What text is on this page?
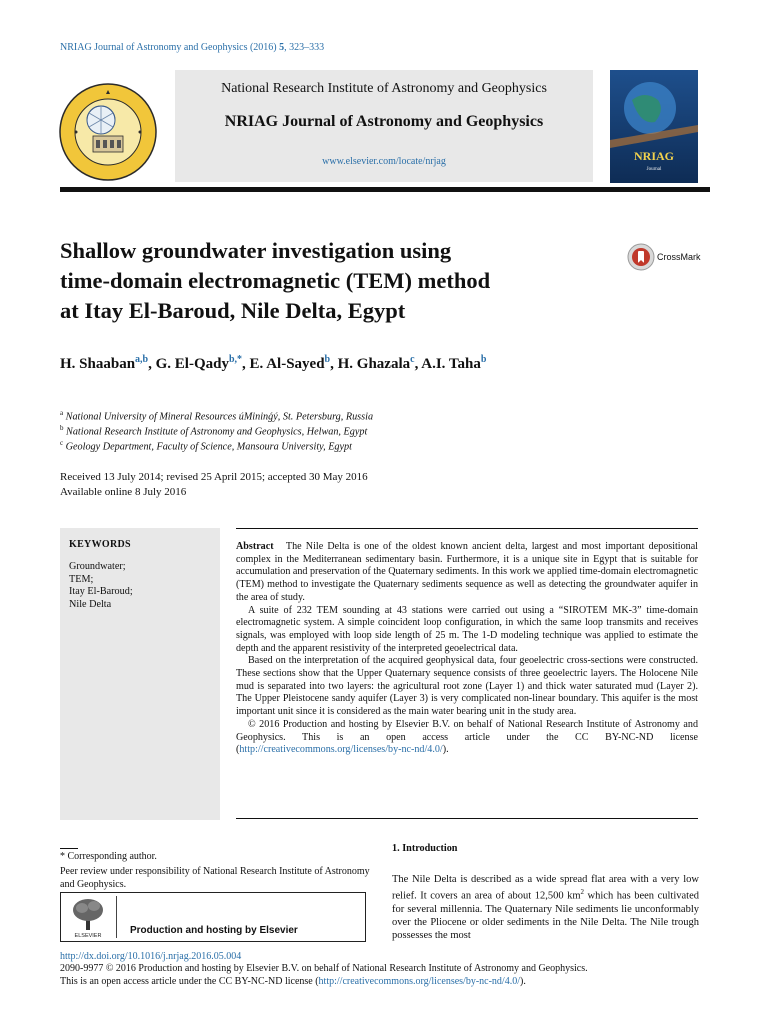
NRIAG Journal of Astronomy and Geophysics (2016) 5, 323–333
National Research Institute of Astronomy and Geophysics
NRIAG Journal of Astronomy and Geophysics
www.elsevier.com/locate/nrjag	NRIAG
Journal
Shallow groundwater investigation using
time-domain electromagnetic (TEM) method
at Itay El-Baroud, Nile Delta, Egypt
CrossMark
H. Shaaban$^{a,b}$, G. El-Qady$^{b,*}$, E. Al-Sayed$^b$, H. Ghazala$^c$, A.I. Taha$^b$
$^a$ National University of Mineral Resources úMininǵý, St. Petersburg, Russia
$^b$ National Research Institute of Astronomy and Geophysics, Helwan, Egypt
$^c$ Geology Department, Faculty of Science, Mansoura University, Egypt
Received 13 July 2014; revised 25 April 2015; accepted 30 May 2016
Available online 8 July 2016
KEYWORDS
Groundwater;
TEM;
Itay El-Baroud;
Nile Delta

Abstract The Nile Delta is one of the oldest known ancient delta, largest and most important depositional complex in the Mediterranean sedimentary basin. Furthermore, it is a unique site in Egypt that is suitable for accumulation and preservation of the Quaternary sediments. In this work we applied time-domain electromagnetic (TEM) method to investigate the Quaternary sediments sequence as well as detecting the groundwater aquifer in the area of study.

A suite of 232 TEM sounding at 43 stations were carried out using a “SIROTEM MK-3” time-domain electromagnetic system. A simple coincident loop configuration, in which the same loop transmits and receives signals, was employed with loop side length of 25 m. The 1-D modeling technique was applied to estimate the depth and the apparent resistivity of the interpreted geoelectrical data.

Based on the interpretation of the acquired geophysical data, four geoelectric cross-sections were constructed. These sections show that the Upper Quaternary sequence consists of three geoelectric layers. The Holocene Nile mud is separated into two layers: the agricultural root zone (Layer 1) and thick water saturated mud (Layer 2). The Upper Pleistocene sandy aquifer (Layer 3) is very complicated non-linear boundary. This aquifer is the most important unit since it is considered as the main water bearing unit in the study area.

© 2016 Production and hosting by Elsevier B.V. on behalf of National Research Institute of Astronomy and Geophysics. This is an open access article under the CC BY-NC-ND license (http://creativecommons.org/licenses/by-nc-nd/4.0/).

* Corresponding author.
Peer review under responsibility of National Research Institute of Astronomy and Geophysics.
ELSEVIER	Production and hosting by Elsevier
1. Introduction

The Nile Delta is described as a wide spread flat area with a very low relief. It covers an area of about 12,500 $km^2$ which has been cultivated for several millennia. The Quaternary Nile sediments lie unconformably over the Pliocene or older sediments in the Nile Delta. The Nile trough possesses the most

http://dx.doi.org/10.1016/j.nrjag.2016.05.004
2090-9977 © 2016 Production and hosting by Elsevier B.V. on behalf of National Research Institute of Astronomy and Geophysics.
This is an open access article under the CC BY-NC-ND license (http://creativecommons.org/licenses/by-nc-nd/4.0/).
